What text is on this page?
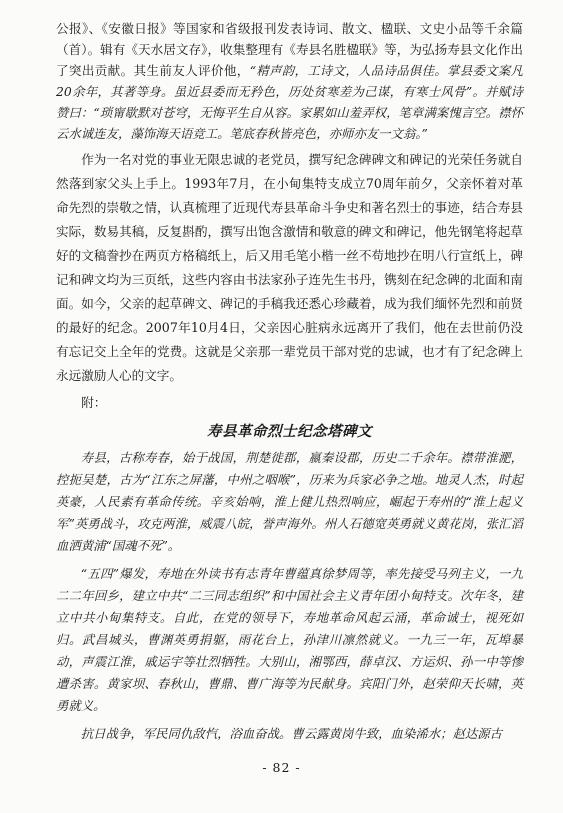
公报》、《安徽日报》等国家和省级报刊发表诗词、散文、楹联、文史小品等千余篇（首）。辑有《天水居文存》，收集整理有《寿县名胜楹联》等，为弘扬寿县文化作出了突出贡献。其生前友人评价他，“精声韵，工诗文，人品诗品俱佳。掌县委文案凡20余年，其著等身。虽近县委而无矜色，历处贫寒差为己谋，有寒士风骨”。并赋诗赞曰：“琐甯歇默对苍穹，无悔平生自从容。家累如山羞弄权，笔章满案愧言空。襟怀云水诚连友，藻饰海天语竞工。笔底春秋皆亮色，亦师亦友一文翁。”

作为一名对党的事业无限忠诚的老党员，撰写纪念碑碑文和碑记的光荣任务就自然落到家父头上手上。1993年7月，在小甸集特支成立70周年前夕，父亲怀着对革命先烈的崇敬之情，认真梳理了近现代寿县革命斗争史和著名烈士的事迹，结合寿县实际，数易其稿，反复斟酌，撰写出饱含激情和敬意的碑文和碑记，他先钢笔将起草好的文稿誊抄在两页方格稿纸上，后又用毛笔小楷一丝不苟地抄在明八行宣纸上，碑记和碑文均为三页纸，这些内容由书法家孙子连先生书丹，镌刻在纪念碑的北面和南面。如今，父亲的起草碑文、碑记的手稿我还悉心珍藏着，成为我们缅怀先烈和前贤的最好的纪念。2007年10月4日，父亲因心脏病永远离开了我们，他在去世前仍没有忘记交上全年的党费。这就是父亲那一辈党员干部对党的忠诚，也才有了纪念碑上永远激励人心的文字。

附：

寿县革命烈士纪念塔碑文

寿县，古称寿春，始于战国，荆楚徙郡，嬴秦设郡，历史二千余年。襟带淮淝，控扼吴楚，古为“江东之屏藩，中州之咽喉”，历来为兵家必争之地。地灵人杰，时起英豪，人民素有革命传统。辛亥始响，淮上健儿热烈响应，崛起于寿州的“淮上起义军”英勇战斗，攻克两淮，威震八皖，誉声海外。州人石德宽英勇就义黄花岗，张汇滔血洒黄浦“国魂不死”。

“五四”爆发，寿地在外读书有志青年曹蕴真徐梦周等，率先接受马列主义，一九二二年回乡，建立中共“二三同志组织”和中国社会主义青年团小甸特支。次年冬，建立中共小甸集特支。自此，在党的领导下，寿地革命风起云涌，革命诚士，视死如归。武昌城头，曹渊英勇捐躯，雨花台上，孙津川凛然就义。一九三一年，瓦埠暴动，声震江淮，戚运宇等壮烈牺牲。大别山，湘鄂西，薛卓汉、方运炽、孙一中等惨遭杀害。黄家坝、春秋山，曹鼎、曹广海等为民献身。宾阳门外，赵荣仰天长啸，英勇就义。

抗日战争，军民同仇敌忾，浴血奋战。曹云露黄岗牛致，血染浠水；赵达源古

- 82 -
